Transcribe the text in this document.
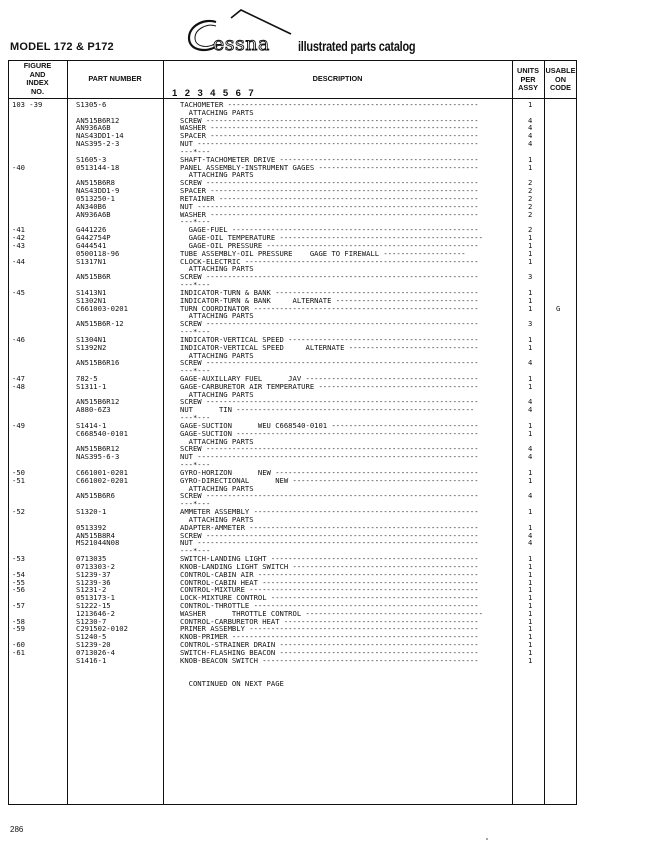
MODEL 172 & P172	essna illustrated parts catalog
FIGURE
AND
INDEX
NO.
PART NUMBER	DESCRIPTION
1 2 3 4 5 6 7
UNITS
PER
ASSY
USABLE
ON
CODE
103 -39	S1305-6	TACHOMETER ----------------------------------------------------------	1
ATTACHING PARTS
AN515B6R12	SCREW ---------------------------------------------------------------	4
AN936A6B	WASHER --------------------------------------------------------------	4
NAS43DD1-14	SPACER --------------------------------------------------------------	4
NAS395-2-3	NUT -----------------------------------------------------------------	4
---*---
S1605-3	SHAFT-TACHOMETER DRIVE ----------------------------------------------	1
-40	0513144-18	PANEL ASSEMBLY-INSTRUMENT GAGES -------------------------------------	1
ATTACHING PARTS
AN515B6R8	SCREW ---------------------------------------------------------------	2
NAS43DD1-9	SPACER --------------------------------------------------------------	2
0513250-1	RETAINER ------------------------------------------------------------	2
AN340B6	NUT -----------------------------------------------------------------	2
AN936A6B	WASHER --------------------------------------------------------------	2
---*---
-41	G441226	GAGE-FUEL ---------------------------------------------------------	2
-42	G442754P	GAGE-OIL TEMPERATURE -----------------------------------------------	1
-43	G444541	GAGE-OIL PRESSURE -------------------------------------------------	1
0500118-96	TUBE ASSEMBLY-OIL PRESSURE    GAGE TO FIREWALL -------------------	1
-44	S1317N1	CLOCK-ELECTRIC ------------------------------------------------------	1
ATTACHING PARTS
AN515B6R	SCREW ---------------------------------------------------------------	3
---*---
-45	S1413N1	INDICATOR-TURN & BANK -----------------------------------------------	1
S1302N1	INDICATOR-TURN & BANK     ALTERNATE ---------------------------------	1
C661003-0201	TURN COORDINATOR ----------------------------------------------------	1	G
ATTACHING PARTS
AN515B6R-12	SCREW ---------------------------------------------------------------	3
---*---
-46	S1304N1	INDICATOR-VERTICAL SPEED --------------------------------------------	1
S1392N2	INDICATOR-VERTICAL SPEED     ALTERNATE ------------------------------	1
ATTACHING PARTS
AN515B6R16	SCREW ---------------------------------------------------------------	4
---*---
-47	782-5	GAGE-AUXILLARY FUEL      JAV ----------------------------------------	1
-48	S1311-1	GAGE-CARBURETOR AIR TEMPERATURE -------------------------------------	1
ATTACHING PARTS
AN515B6R12	SCREW ---------------------------------------------------------------	4
A880-6Z3	NUT      TIN -------------------------------------------------------	4
---*---
-49	S1414-1	GAGE-SUCTION      WEU C668540-0101 ----------------------------------	1
C668540-0101	GAGE-SUCTION --------------------------------------------------------	1
ATTACHING PARTS
AN515B6R12	SCREW ---------------------------------------------------------------	4
NAS395-6-3	NUT -----------------------------------------------------------------	4
---*---
-50	C661001-0201	GYRO-HORIZON      NEW -----------------------------------------------	1
-51	C661002-0201	GYRO-DIRECTIONAL      NEW -------------------------------------------	1
ATTACHING PARTS
AN515B6R6	SCREW ---------------------------------------------------------------	4
---*---
-52	S1320-1	AMMETER ASSEMBLY ----------------------------------------------------	1
ATTACHING PARTS
0513392	ADAPTER-AMMETER -----------------------------------------------------	1
AN515B8R4	SCREW ---------------------------------------------------------------	4
MS21044N08	NUT -----------------------------------------------------------------	4
---*---
-53	0713035	SWITCH-LANDING LIGHT ------------------------------------------------	1
0713303-2	KNOB-LANDING LIGHT SWITCH -------------------------------------------	1
-54	S1239-37	CONTROL-CABIN AIR ---------------------------------------------------	1
-55	S1239-36	CONTROL-CABIN HEAT --------------------------------------------------	1
-56	S1231-2	CONTROL-MIXTURE -----------------------------------------------------	1
0513173-1	LOCK-MIXTURE CONTROL ------------------------------------------------	1
-57	S1222-15	CONTROL-THROTTLE ----------------------------------------------------	1
1213646-2	WASHER      THROTTLE CONTROL -----------------------------------------	1
-58	S1230-7	CONTROL-CARBURETOR HEAT ---------------------------------------------	1
-59	C291502-0102	PRIMER ASSEMBLY -----------------------------------------------------	1
S1240-5	KNOB-PRIMER ---------------------------------------------------------	1
-60	S1239-20	CONTROL-STRAINER DRAIN ----------------------------------------------	1
-61	0713026-4	SWITCH-FLASHING BEACON ----------------------------------------------	1
S1416-1	KNOB-BEACON SWITCH --------------------------------------------------	1
CONTINUED ON NEXT PAGE
286
